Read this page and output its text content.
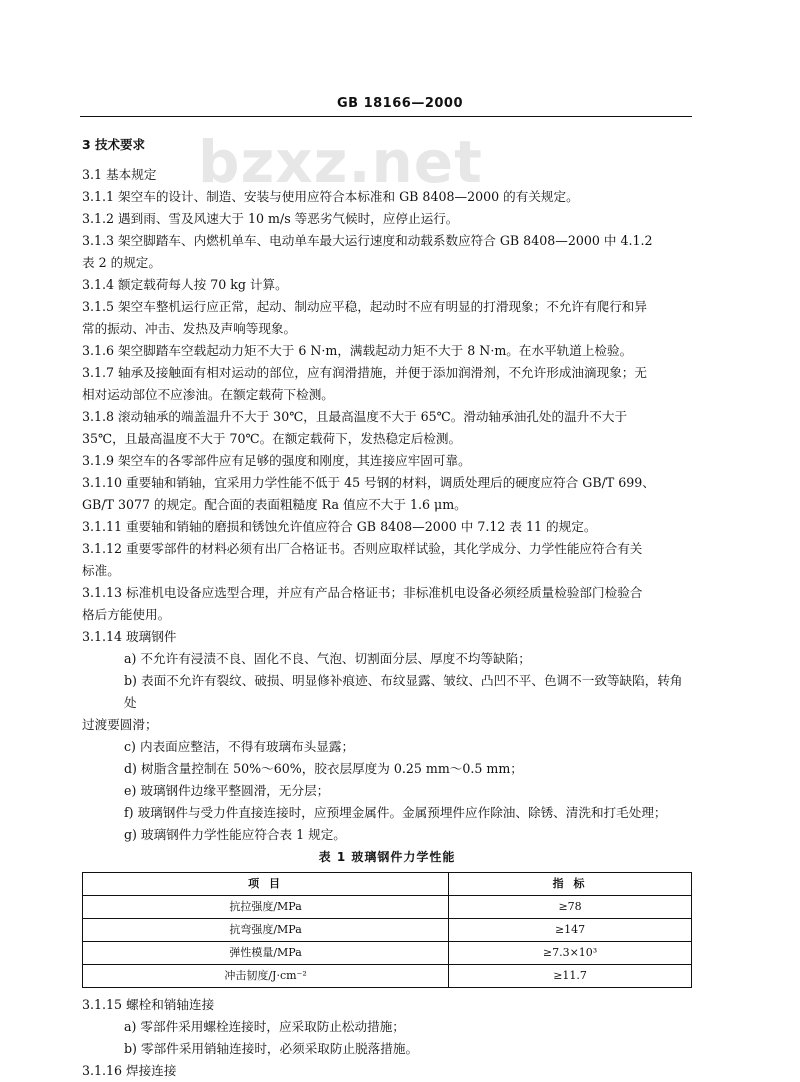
GB 18166—2000
bzxz.net

3 技术要求

3.1 基本规定

3.1.1 架空车的设计、制造、安装与使用应符合本标准和 GB 8408—2000 的有关规定。

3.1.2 遇到雨、雪及风速大于 10 m/s 等恶劣气候时，应停止运行。

3.1.3 架空脚踏车、内燃机单车、电动单车最大运行速度和动载系数应符合 GB 8408—2000 中 4.1.2

表 2 的规定。

3.1.4 额定载荷每人按 70 kg 计算。

3.1.5 架空车整机运行应正常，起动、制动应平稳，起动时不应有明显的打滑现象；不允许有爬行和异

常的振动、冲击、发热及声响等现象。

3.1.6 架空脚踏车空载起动力矩不大于 6 N·m，满载起动力矩不大于 8 N·m。在水平轨道上检验。

3.1.7 轴承及接触面有相对运动的部位，应有润滑措施，并便于添加润滑剂，不允许形成油滴现象；无

相对运动部位不应渗油。在额定载荷下检测。

3.1.8 滚动轴承的端盖温升不大于 30℃，且最高温度不大于 65℃。滑动轴承油孔处的温升不大于

35℃，且最高温度不大于 70℃。在额定载荷下，发热稳定后检测。

3.1.9 架空车的各零部件应有足够的强度和刚度，其连接应牢固可靠。

3.1.10 重要轴和销轴，宜采用力学性能不低于 45 号钢的材料，调质处理后的硬度应符合 GB/T 699、

GB/T 3077 的规定。配合面的表面粗糙度 Ra 值应不大于 1.6 μm。

3.1.11 重要轴和销轴的磨损和锈蚀允许值应符合 GB 8408—2000 中 7.12 表 11 的规定。

3.1.12 重要零部件的材料必须有出厂合格证书。否则应取样试验，其化学成分、力学性能应符合有关

标准。

3.1.13 标准机电设备应选型合理，并应有产品合格证书；非标准机电设备必须经质量检验部门检验合

格后方能使用。

3.1.14 玻璃钢件

a) 不允许有浸渍不良、固化不良、气泡、切割面分层、厚度不均等缺陷；

b) 表面不允许有裂纹、破损、明显修补痕迹、布纹显露、皱纹、凸凹不平、色调不一致等缺陷，转角处

过渡要圆滑；

c) 内表面应整洁，不得有玻璃布头显露；

d) 树脂含量控制在 50%～60%，胶衣层厚度为 0.25 mm～0.5 mm；

e) 玻璃钢件边缘平整圆滑，无分层；

f) 玻璃钢件与受力件直接连接时，应预埋金属件。金属预埋件应作除油、除锈、清洗和打毛处理；

g) 玻璃钢件力学性能应符合表 1 规定。

表 1 玻璃钢件力学性能

项 目	指 标
抗拉强度/MPa	≥78
抗弯强度/MPa	≥147
弹性模量/MPa	≥7.3×10³
冲击韧度/J·cm⁻²	≥11.7

3.1.15 螺栓和销轴连接

a) 零部件采用螺栓连接时，应采取防止松动措施；

b) 零部件采用销轴连接时，必须采取防止脱落措施。

3.1.16 焊接连接
